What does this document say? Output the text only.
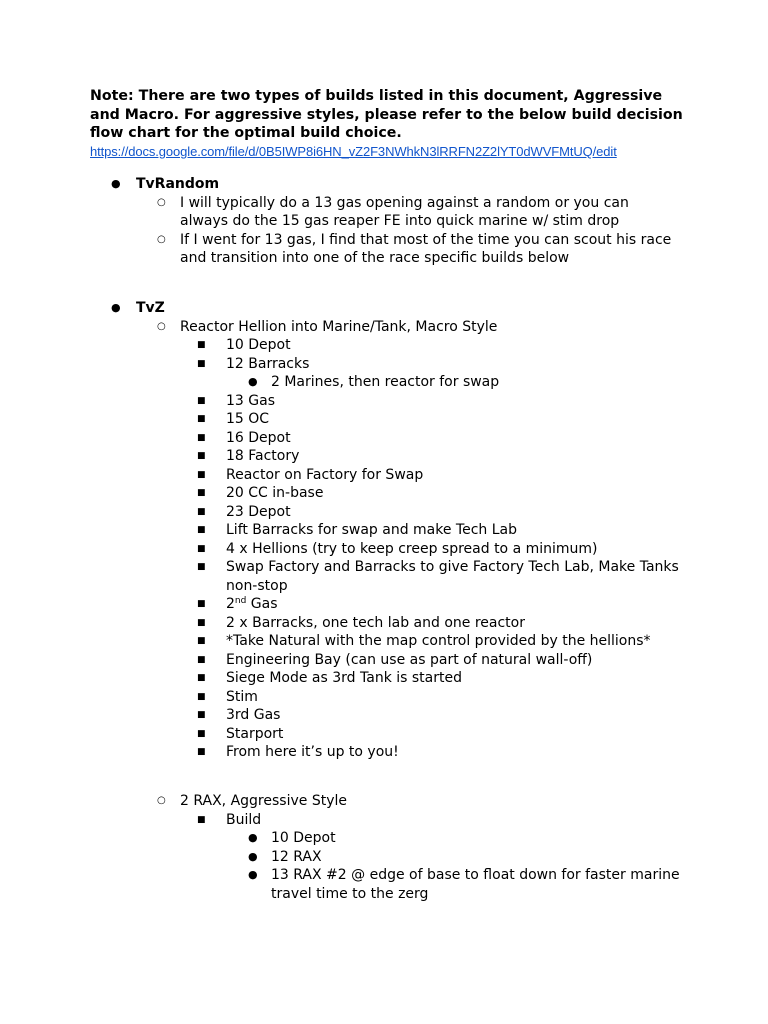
Note: There are two types of builds listed in this document, Aggressive and Macro. For aggressive styles, please refer to the below build decision flow chart for the optimal build choice.
https://docs.google.com/file/d/0B5IWP8i6HN_vZ2F3NWhkN3lRRFN2Z2lYT0dWVFMtUQ/edit
● TvRandom
○ I will typically do a 13 gas opening against a random or you can always do the 15 gas reaper FE into quick marine w/ stim drop
○ If I went for 13 gas, I find that most of the time you can scout his race and transition into one of the race specific builds below
● TvZ
○ Reactor Hellion into Marine/Tank, Macro Style
■ 10 Depot
■ 12 Barracks
● 2 Marines, then reactor for swap
■ 13 Gas
■ 15 OC
■ 16 Depot
■ 18 Factory
■ Reactor on Factory for Swap
■ 20 CC in-base
■ 23 Depot
■ Lift Barracks for swap and make Tech Lab
■ 4 x Hellions (try to keep creep spread to a minimum)
■ Swap Factory and Barracks to give Factory Tech Lab, Make Tanks non-stop
■ 2nd Gas
■ 2 x Barracks, one tech lab and one reactor
■ *Take Natural with the map control provided by the hellions*
■ Engineering Bay (can use as part of natural wall-off)
■ Siege Mode as 3rd Tank is started
■ Stim
■ 3rd Gas
■ Starport
■ From here it’s up to you!
○ 2 RAX, Aggressive Style
■ Build
● 10 Depot
● 12 RAX
● 13 RAX #2 @ edge of base to float down for faster marine travel time to the zerg
